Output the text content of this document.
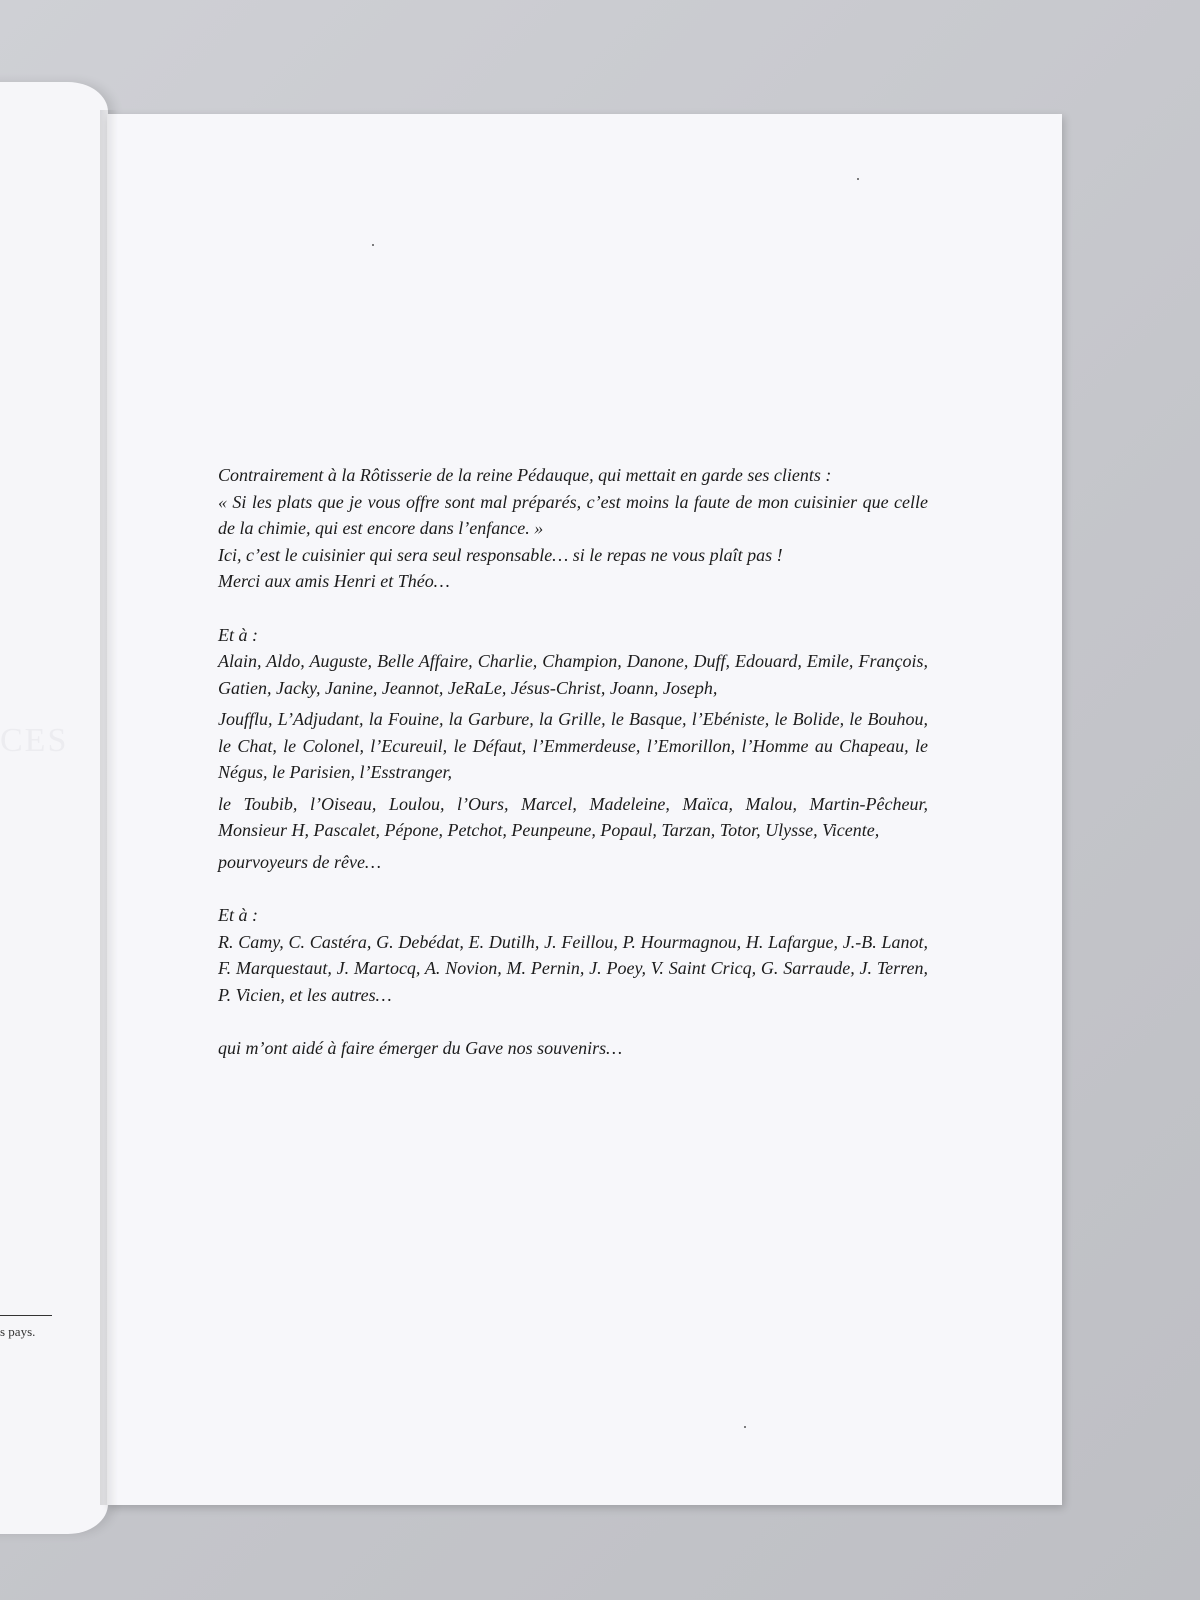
CES
s pays.

Contrairement à la Rôtisserie de la reine Pédauque, qui mettait en garde ses clients :

« Si les plats que je vous offre sont mal préparés, c’est moins la faute de mon cuisinier que celle de la chimie, qui est encore dans l’enfance. »

Ici, c’est le cuisinier qui sera seul responsable… si le repas ne vous plaît pas !

Merci aux amis Henri et Théo…

Et à :

Alain, Aldo, Auguste, Belle Affaire, Charlie, Champion, Danone, Duff, Edouard, Emile, François, Gatien, Jacky, Janine, Jeannot, JeRaLe, Jésus-Christ, Joann, Joseph,

Joufflu, L’Adjudant, la Fouine, la Garbure, la Grille, le Basque, l’Ebéniste, le Bolide, le Bouhou, le Chat, le Colonel, l’Ecureuil, le Défaut, l’Emmerdeuse, l’Emorillon, l’Homme au Chapeau, le Négus, le Parisien, l’Esstranger,

le Toubib, l’Oiseau, Loulou, l’Ours, Marcel, Madeleine, Maïca, Malou, Martin-Pêcheur, Monsieur H, Pascalet, Pépone, Petchot, Peunpeune, Popaul, Tarzan, Totor, Ulysse, Vicente,

pourvoyeurs de rêve…

Et à :

R. Camy, C. Castéra, G. Debédat, E. Dutilh, J. Feillou, P. Hourmagnou, H. Lafargue, J.-B. Lanot, F. Marquestaut, J. Martocq, A. Novion, M. Pernin, J. Poey, V. Saint Cricq, G. Sarraude, J. Terren, P. Vicien, et les autres…

qui m’ont aidé à faire émerger du Gave nos souvenirs…
